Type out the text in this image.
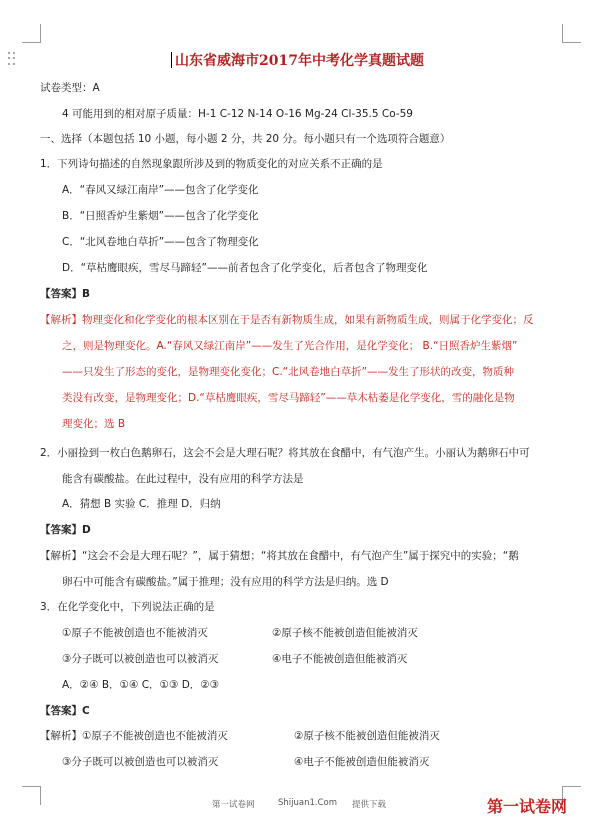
山东省威海市2017年中考化学真题试题
试卷类型：A
4 可能用到的相对原子质量：H-1 C-12 N-14 O-16 Mg-24 Cl-35.5 Co-59
一、选择（本题包括 10 小题，每小题 2 分，共 20 分。每小题只有一个选项符合题意）
1．下列诗句描述的自然现象跟所涉及到的物质变化的对应关系不正确的是
A．“春风又绿江南岸”——包含了化学变化
B．“日照香炉生紫烟”——包含了化学变化
C．“北风卷地白草折”——包含了物理变化
D．“草枯鹰眼疾，雪尽马蹄轻”——前者包含了化学变化，后者包含了物理变化
【答案】B
【解析】物理变化和化学变化的根本区别在于是否有新物质生成，如果有新物质生成，则属于化学变化；反
之，则是物理变化。A.“春风又绿江南岸”——发生了光合作用，是化学变化； B.“日照香炉生紫烟”
——只发生了形态的变化，是物理变化变化；C.“北风卷地白草折”——发生了形状的改变，物质种
类没有改变，是物理变化；D.“草枯鹰眼疾，雪尽马蹄轻”——草木枯萎是化学变化，雪的融化是物
理变化；选 B
2．小丽捡到一枚白色鹅卵石，这会不会是大理石呢？将其放在食醋中，有气泡产生。小丽认为鹅卵石中可
能含有碳酸盐。在此过程中，没有应用的科学方法是
A．猜想 B 实验 C．推理 D．归纳
【答案】D
【解析】“这会不会是大理石呢？”，属于猜想；“将其放在食醋中，有气泡产生”属于探究中的实验；“鹅
卵石中可能含有碳酸盐。”属于推理；没有应用的科学方法是归纳。选 D
3．在化学变化中，下列说法正确的是
①原子不能被创造也不能被消灭	②原子核不能被创造但能被消灭
③分子既可以被创造也可以被消灭	④电子不能被创造但能被消灭
A．②④ B．①④ C．①③ D．②③
【答案】C
【解析】①原子不能被创造也不能被消灭	②原子核不能被创造但能被消灭
③分子既可以被创造也可以被消灭	④电子不能被创造但能被消灭
第一试卷网	Shijuan1.Com 提供下载	第一试卷网
